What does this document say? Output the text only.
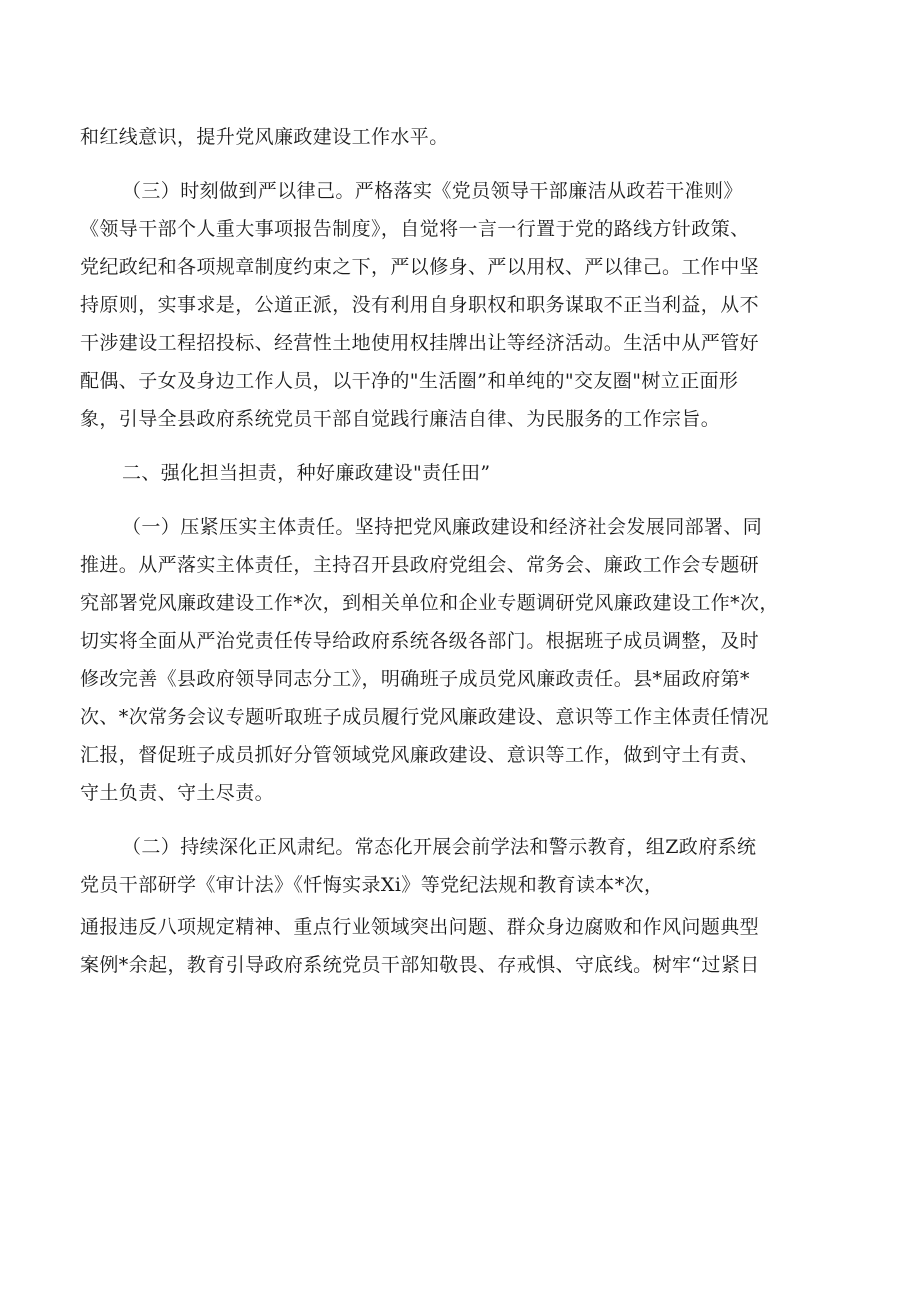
和红线意识，提升党风廉政建设工作水平。

（三）时刻做到严以律己。严格落实《党员领导干部廉洁从政若干准则》
《领导干部个人重大事项报告制度》，自觉将一言一行置于党的路线方针政策、
党纪政纪和各项规章制度约束之下，严以修身、严以用权、严以律己。工作中坚
持原则，实事求是，公道正派，没有利用自身职权和职务谋取不正当利益，从不
干涉建设工程招投标、经营性土地使用权挂牌出让等经济活动。生活中从严管好
配偶、子女及身边工作人员，以干净的"生活圈”和单纯的"交友圈"树立正面形
象，引导全县政府系统党员干部自觉践行廉洁自律、为民服务的工作宗旨。

二、强化担当担责，种好廉政建设"责任田”

（一）压紧压实主体责任。坚持把党风廉政建设和经济社会发展同部署、同
推进。从严落实主体责任，主持召开县政府党组会、常务会、廉政工作会专题研
究部署党风廉政建设工作*次，到相关单位和企业专题调研党风廉政建设工作*次，
切实将全面从严治党责任传导给政府系统各级各部门。根据班子成员调整，及时
修改完善《县政府领导同志分工》，明确班子成员党风廉政责任。县*届政府第*
次、*次常务会议专题听取班子成员履行党风廉政建设、意识等工作主体责任情况
汇报，督促班子成员抓好分管领域党风廉政建设、意识等工作，做到守土有责、
守土负责、守土尽责。

（二）持续深化正风肃纪。常态化开展会前学法和警示教育，组Z政府系统
党员干部研学《审计法》《忏悔实录Xi》等党纪法规和教育读本*次，

通报违反八项规定精神、重点行业领域突出问题、群众身边腐败和作风问题典型
案例*余起，教育引导政府系统党员干部知敬畏、存戒惧、守底线。树牢“过紧日
